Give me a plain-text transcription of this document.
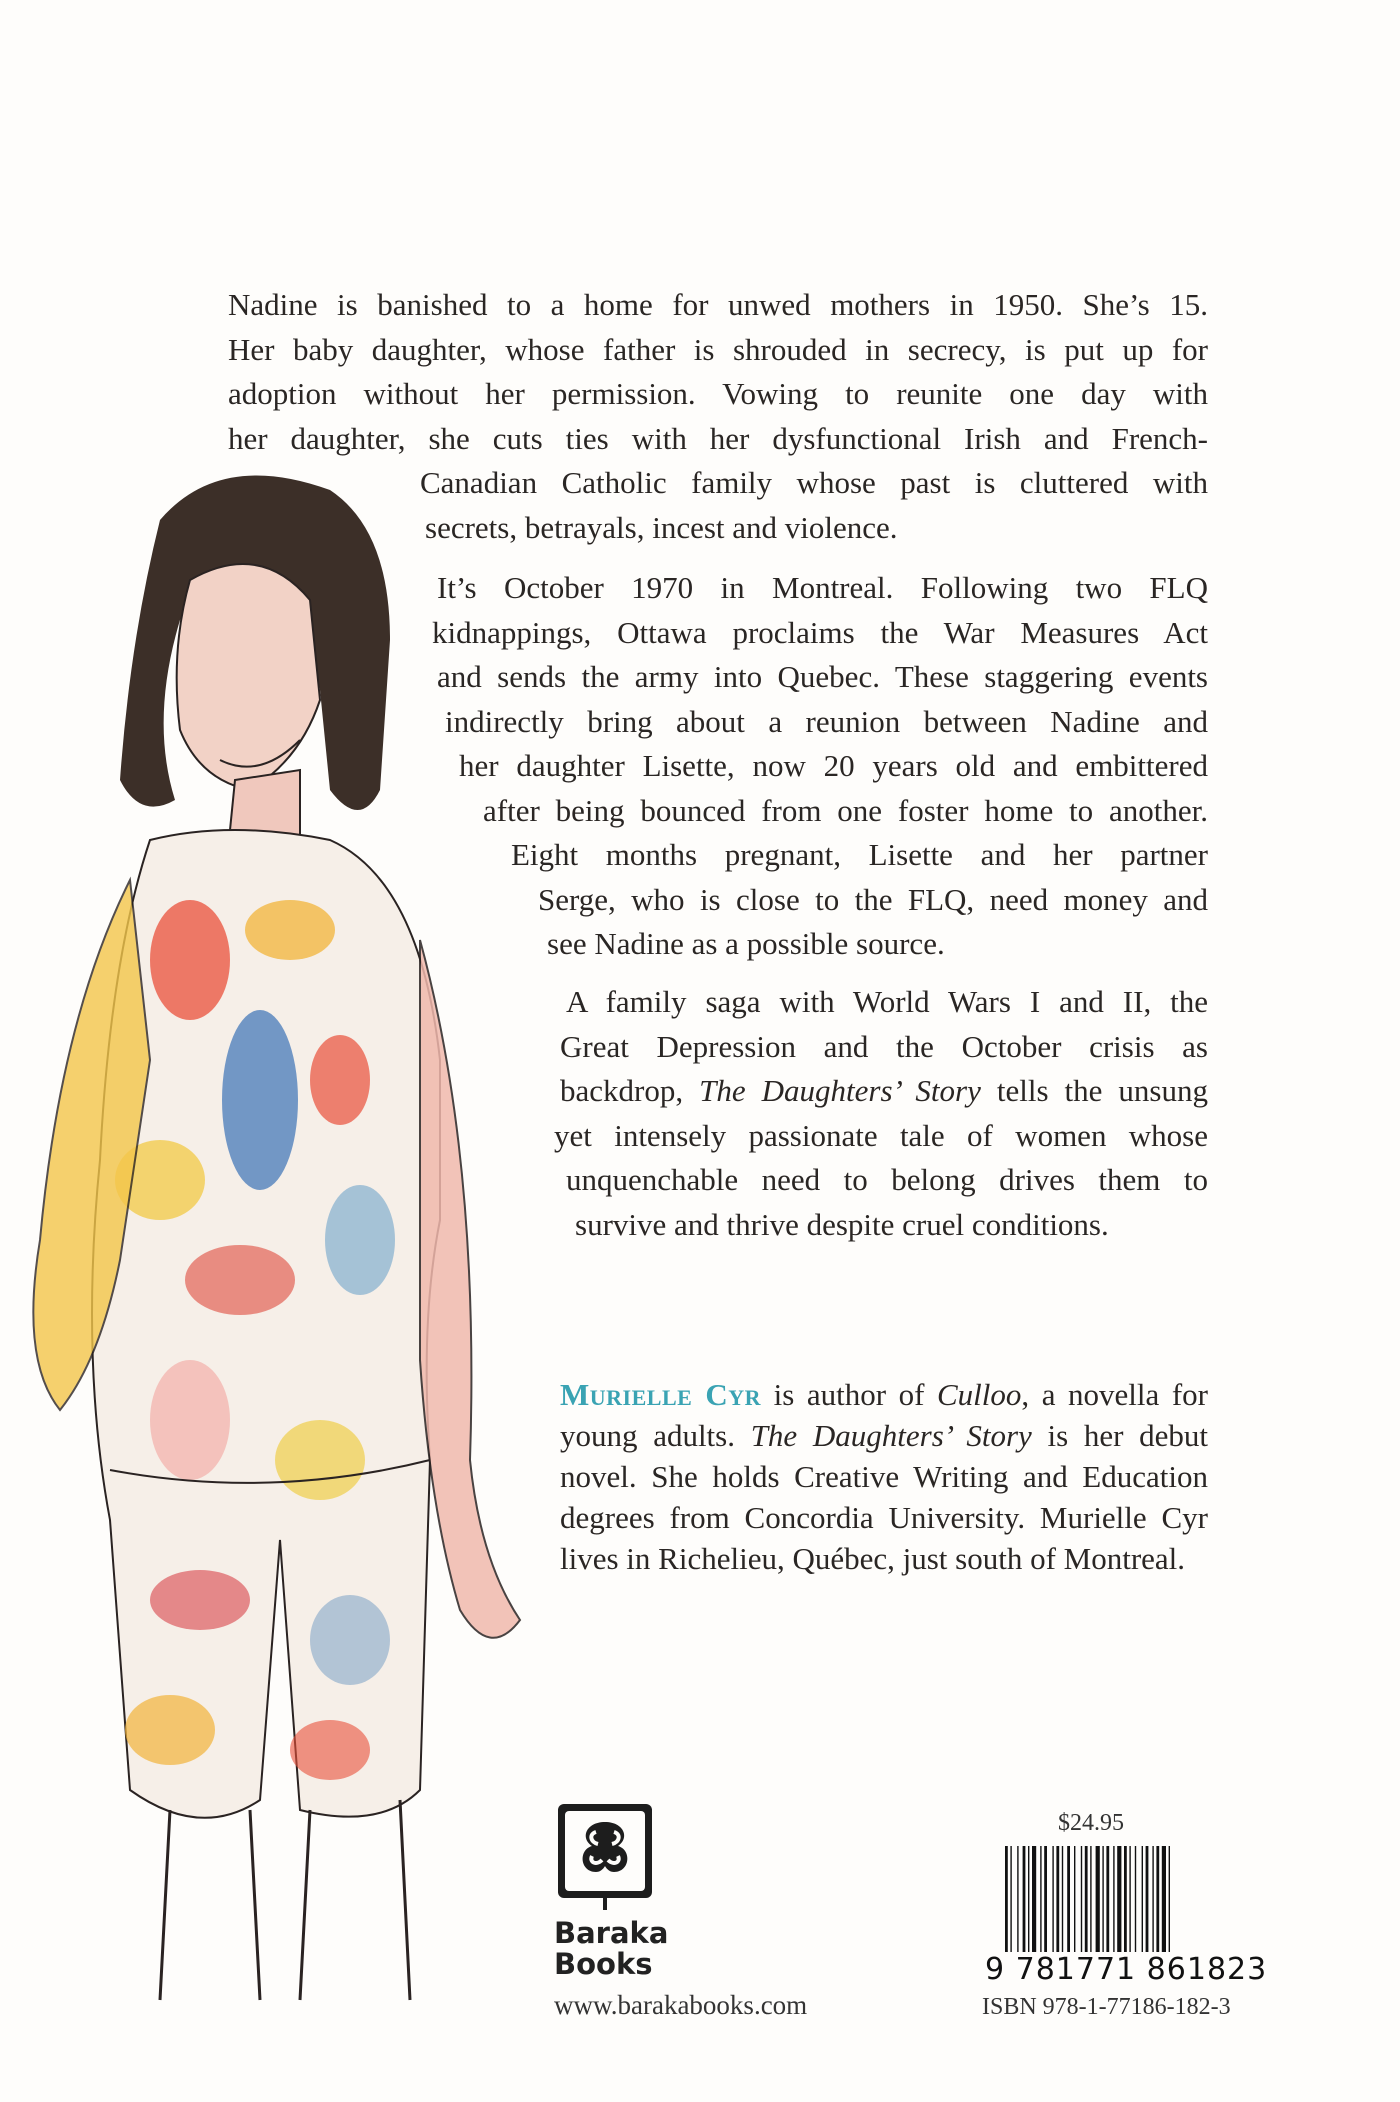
Nadine is banished to a home for unwed mothers in 1950. She’s 15.
Her baby daughter, whose father is shrouded in secrecy, is put up for
adoption without her permission. Vowing to reunite one day with
her daughter, she cuts ties with her dysfunctional Irish and French-
Canadian Catholic family whose past is cluttered with
secrets, betrayals, incest and violence.
It’s October 1970 in Montreal. Following two FLQ
kidnappings, Ottawa proclaims the War Measures Act
and sends the army into Quebec. These staggering events
indirectly bring about a reunion between Nadine and
her daughter Lisette, now 20 years old and embittered
after being bounced from one foster home to another.
Eight months pregnant, Lisette and her partner
Serge, who is close to the FLQ, need money and
see Nadine as a possible source.
A family saga with World Wars I and II, the
Great Depression and the October crisis as
backdrop, The Daughters’ Story tells the unsung
yet intensely passionate tale of women whose
unquenchable need to belong drives them to
survive and thrive despite cruel conditions.
Murielle Cyr is author of Culloo, a novella for
young adults. The Daughters’ Story is her debut
novel. She holds Creative Writing and Education
degrees from Concordia University. Murielle Cyr
lives in Richelieu, Québec, just south of Montreal.
Baraka
Books
www.barakabooks.com
$24.95
9 781771 861823
ISBN 978-1-77186-182-3
